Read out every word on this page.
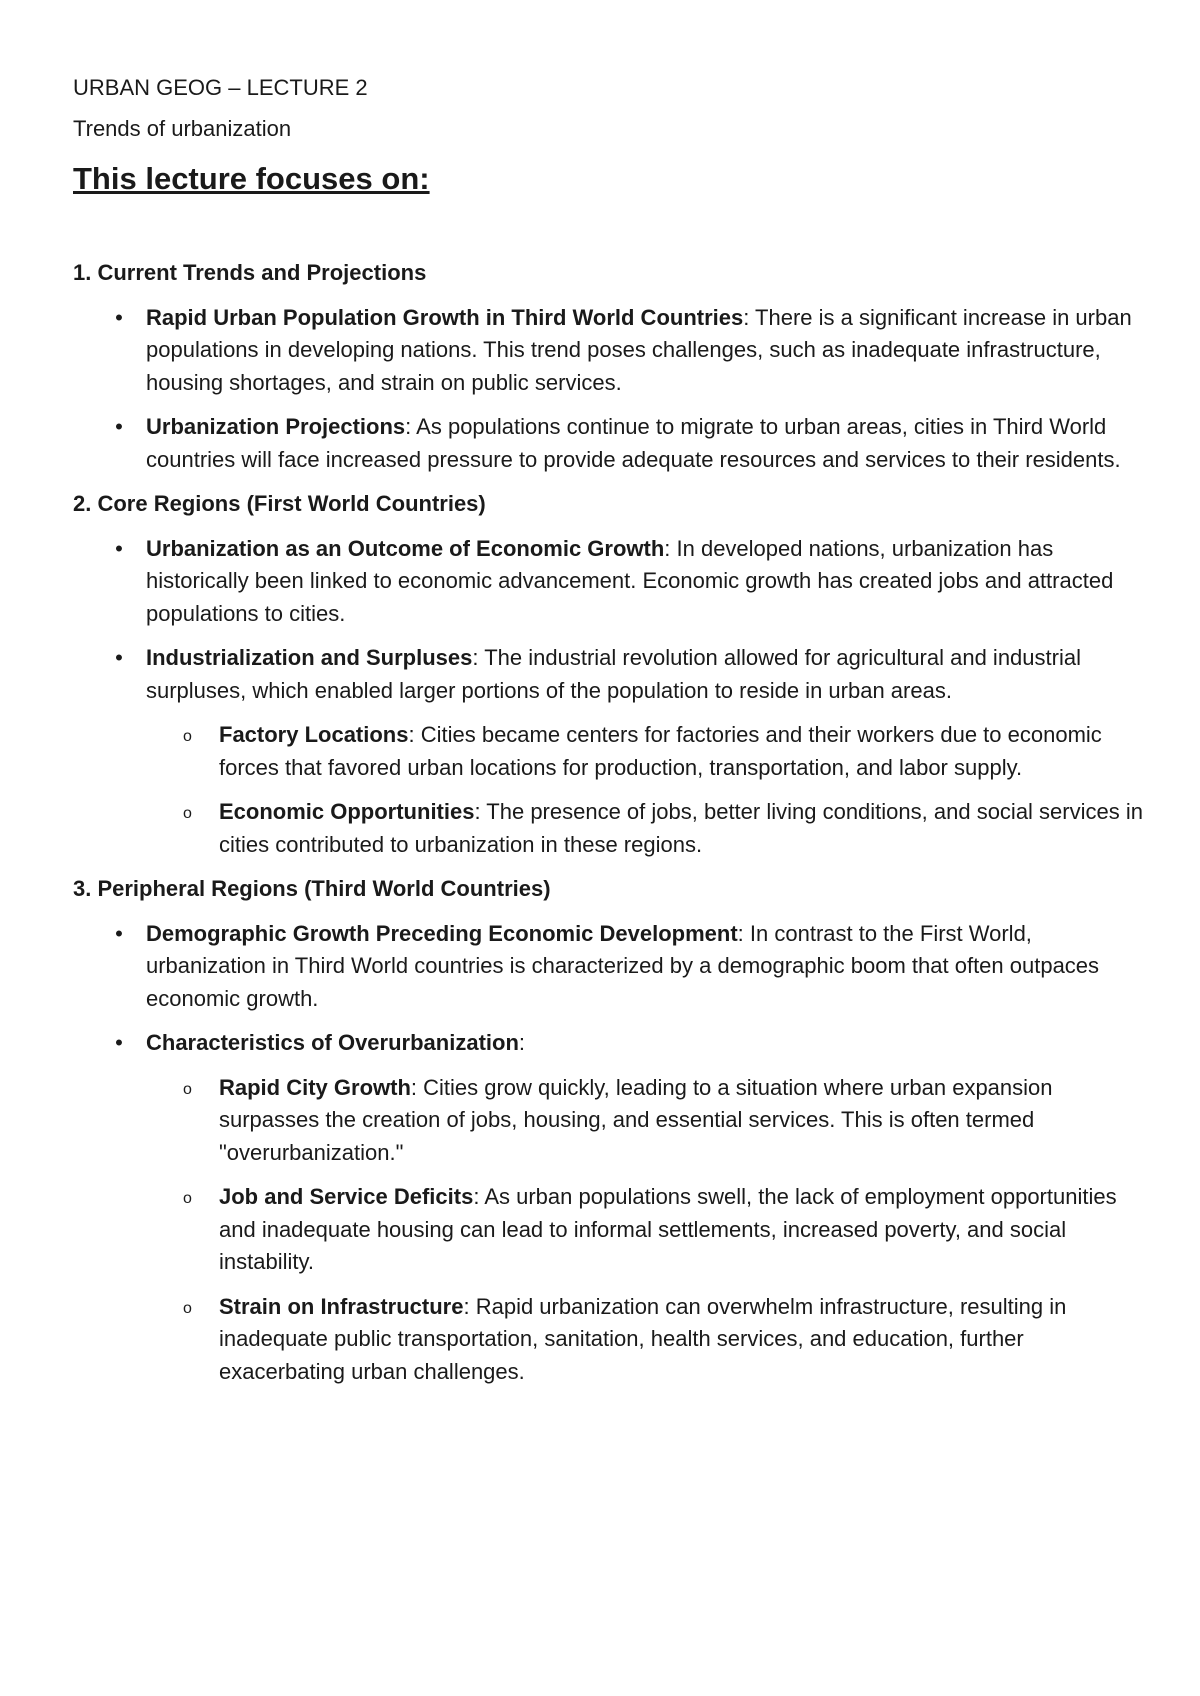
URBAN GEOG – LECTURE 2
Trends of urbanization
This lecture focuses on:
1. Current Trends and Projections
• Rapid Urban Population Growth in Third World Countries: There is a significant increase in urban populations in developing nations. This trend poses challenges, such as inadequate infrastructure, housing shortages, and strain on public services.
• Urbanization Projections: As populations continue to migrate to urban areas, cities in Third World countries will face increased pressure to provide adequate resources and services to their residents.
2. Core Regions (First World Countries)
• Urbanization as an Outcome of Economic Growth: In developed nations, urbanization has historically been linked to economic advancement. Economic growth has created jobs and attracted populations to cities.
• Industrialization and Surpluses: The industrial revolution allowed for agricultural and industrial surpluses, which enabled larger portions of the population to reside in urban areas.
o Factory Locations: Cities became centers for factories and their workers due to economic forces that favored urban locations for production, transportation, and labor supply.
o Economic Opportunities: The presence of jobs, better living conditions, and social services in cities contributed to urbanization in these regions.
3. Peripheral Regions (Third World Countries)
• Demographic Growth Preceding Economic Development: In contrast to the First World, urbanization in Third World countries is characterized by a demographic boom that often outpaces economic growth.
• Characteristics of Overurbanization:
o Rapid City Growth: Cities grow quickly, leading to a situation where urban expansion surpasses the creation of jobs, housing, and essential services. This is often termed "overurbanization."
o Job and Service Deficits: As urban populations swell, the lack of employment opportunities and inadequate housing can lead to informal settlements, increased poverty, and social instability.
o Strain on Infrastructure: Rapid urbanization can overwhelm infrastructure, resulting in inadequate public transportation, sanitation, health services, and education, further exacerbating urban challenges.
